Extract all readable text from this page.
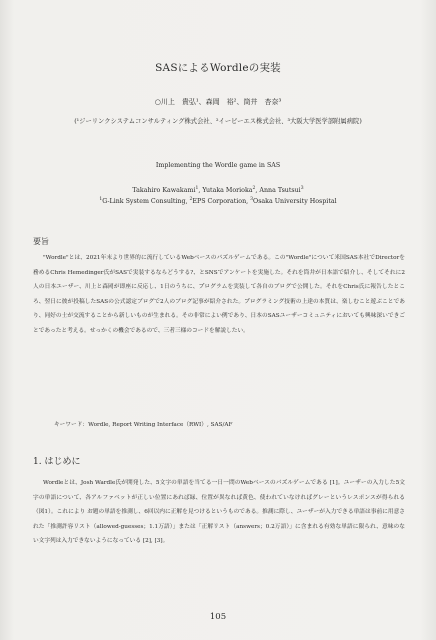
SASによるWordleの実装
○川上　貴弘¹、森岡　裕²、筒井　杏奈³
(¹ジーリンクシステムコンサルティング株式会社、²イーピーエス株式会社、³大阪大学医学部附属病院)
Implementing the Wordle game in SAS
Takahiro Kawakami$^1$, Yutaka Morioka$^2$, Anna Tsutsui$^3$
$^1$G-Link System Consulting, $^2$EPS Corporation, $^3$Osaka University Hospital
要旨
"Wordle"とは、2021年末より世界的に流行しているWebベースのパズルゲームである。この"Wordle"について米国SAS本社でDirectorを務めるChris Hemedinger氏がSASで実装するならどうする?、とSNSでアンケートを実施した。それを筒井が日本語で紹介し、そしてそれに2人の日本ユーザー、川上と森岡が即座に反応し、1日のうちに、プログラムを実装して各自のブログで公開した。それをChris氏に報告したところ、翌日に彼が投稿したSASの公式認定ブログで2人のブログ記事が紹介された。プログラミング技術の上達の本質は、楽しむこと遊ぶことであり、同好の士が交流することから新しいものが生まれる。その非常によい例であり、日本のSASユーザーコミュニティにおいても興味深いできごとであったと考える。せっかくの機会であるので、三者三様のコードを解説したい。
キーワード：Wordle, Report Writing Interface（RWI）, SAS/AF
1. はじめに
Wordleとは、Josh Wardle氏が開発した、5文字の単語を当てる一日一問のWebベースのパズルゲームである [1]。ユーザーの入力した5文字の単語について、各アルファベットが正しい位置にあれば緑、位置が異なれば黄色、使われていなければグレーというレスポンスが得られる（図1）。これにより お題の単語を推測し、6回以内に正解を見つけるというものである。推測に際し、ユーザーが入力できる単語は事前に用意された「推測許容リスト（allowed-guesses；1.1万語）」または「正解リスト（answers；0.2万語）」に含まれる有効な単語に限られ、意味のない文字列は入力できないようになっている [2], [3]。
105
